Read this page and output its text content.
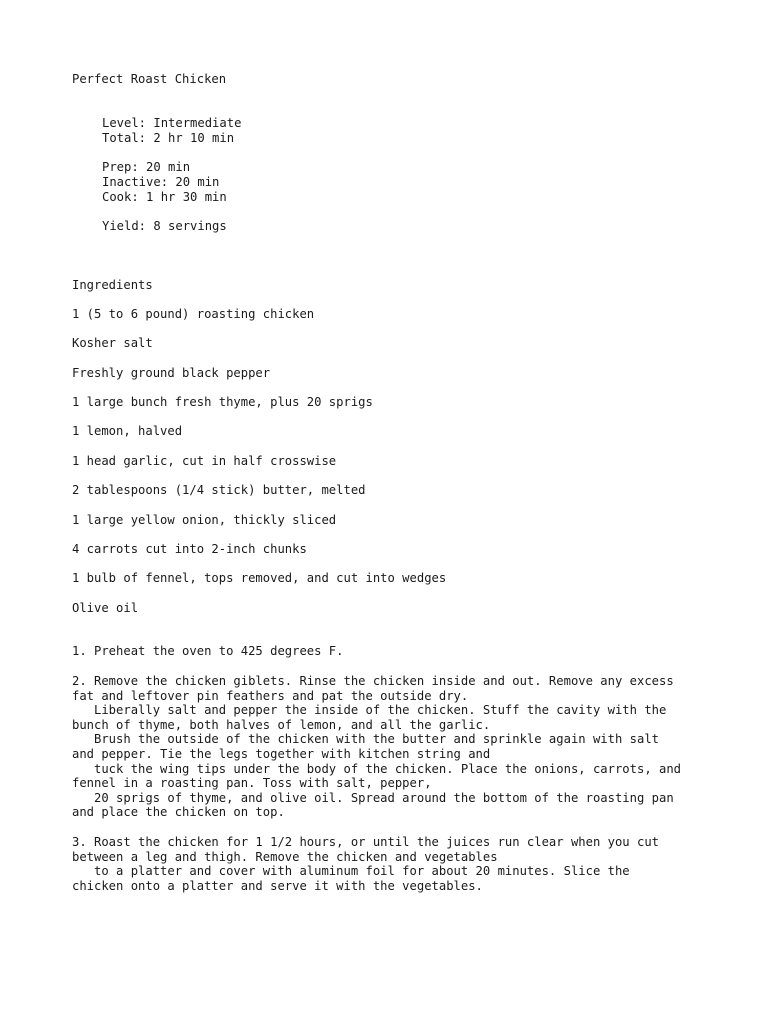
Perfect Roast Chicken

Level: Intermediate

Total: 2 hr 10 min

Prep: 20 min

Inactive: 20 min

Cook: 1 hr 30 min

Yield: 8 servings

Ingredients

1 (5 to 6 pound) roasting chicken

Kosher salt

Freshly ground black pepper

1 large bunch fresh thyme, plus 20 sprigs

1 lemon, halved

1 head garlic, cut in half crosswise

2 tablespoons (1/4 stick) butter, melted

1 large yellow onion, thickly sliced

4 carrots cut into 2-inch chunks

1 bulb of fennel, tops removed, and cut into wedges

Olive oil

1. Preheat the oven to 425 degrees F.

2. Remove the chicken giblets. Rinse the chicken inside and out. Remove any excess
fat and leftover pin feathers and pat the outside dry.
Liberally salt and pepper the inside of the chicken. Stuff the cavity with the
bunch of thyme, both halves of lemon, and all the garlic.
Brush the outside of the chicken with the butter and sprinkle again with salt
and pepper. Tie the legs together with kitchen string and
tuck the wing tips under the body of the chicken. Place the onions, carrots, and
fennel in a roasting pan. Toss with salt, pepper,
20 sprigs of thyme, and olive oil. Spread around the bottom of the roasting pan
and place the chicken on top.

3. Roast the chicken for 1 1/2 hours, or until the juices run clear when you cut
between a leg and thigh. Remove the chicken and vegetables
to a platter and cover with aluminum foil for about 20 minutes. Slice the
chicken onto a platter and serve it with the vegetables.
